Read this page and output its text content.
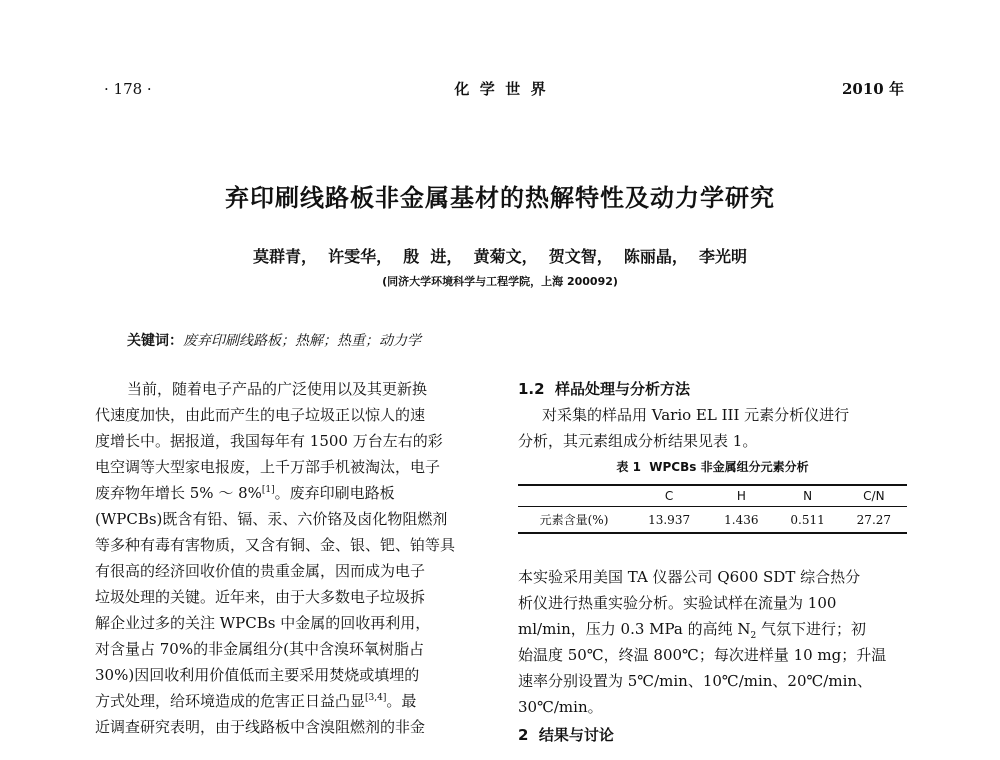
· 178 ·	化  学  世  界	2010 年
弃印刷线路板非金属基材的热解特性及动力学研究
莫群青，  许雯华，  殷  进，  黄菊文，  贺文智，  陈丽晶，  李光明
(同济大学环境科学与工程学院，上海 200092)
关键词：废弃印刷线路板；热解；热重；动力学
当前，随着电子产品的广泛使用以及其更新换
代速度加快，由此而产生的电子垃圾正以惊人的速
度增长中。据报道，我国每年有 1500 万台左右的彩
电空调等大型家电报废，上千万部手机被淘汰，电子
废弃物年增长 5% ～ 8%[1]。废弃印刷电路板
(WPCBs)既含有铅、镉、汞、六价铬及卤化物阻燃剂
等多种有毒有害物质，又含有铜、金、银、钯、铂等具
有很高的经济回收价值的贵重金属，因而成为电子
垃圾处理的关键。近年来，由于大多数电子垃圾拆
解企业过多的关注 WPCBs 中金属的回收再利用，
对含量占 70%的非金属组分(其中含溴环氧树脂占
30%)因回收利用价值低而主要采用焚烧或填埋的
方式处理，给环境造成的危害正日益凸显[3,4]。最
近调查研究表明，由于线路板中含溴阻燃剂的非金
1.2  样品处理与分析方法
对采集的样品用 Vario EL III 元素分析仪进行
分析，其元素组成分析结果见表 1。
表 1  WPCBs 非金属组分元素分析
	C	H	N	C/N
元素含量(%)	13.937	1.436	0.511	27.27
本实验采用美国 TA 仪器公司 Q600 SDT 综合热分
析仪进行热重实验分析。实验试样在流量为 100
ml/min，压力 0.3 MPa 的高纯 $N_2$ 气氛下进行；初
始温度 50℃，终温 800℃；每次进样量 10 mg；升温
速率分别设置为 5℃/min、10℃/min、20℃/min、
30℃/min。
2  结果与讨论
